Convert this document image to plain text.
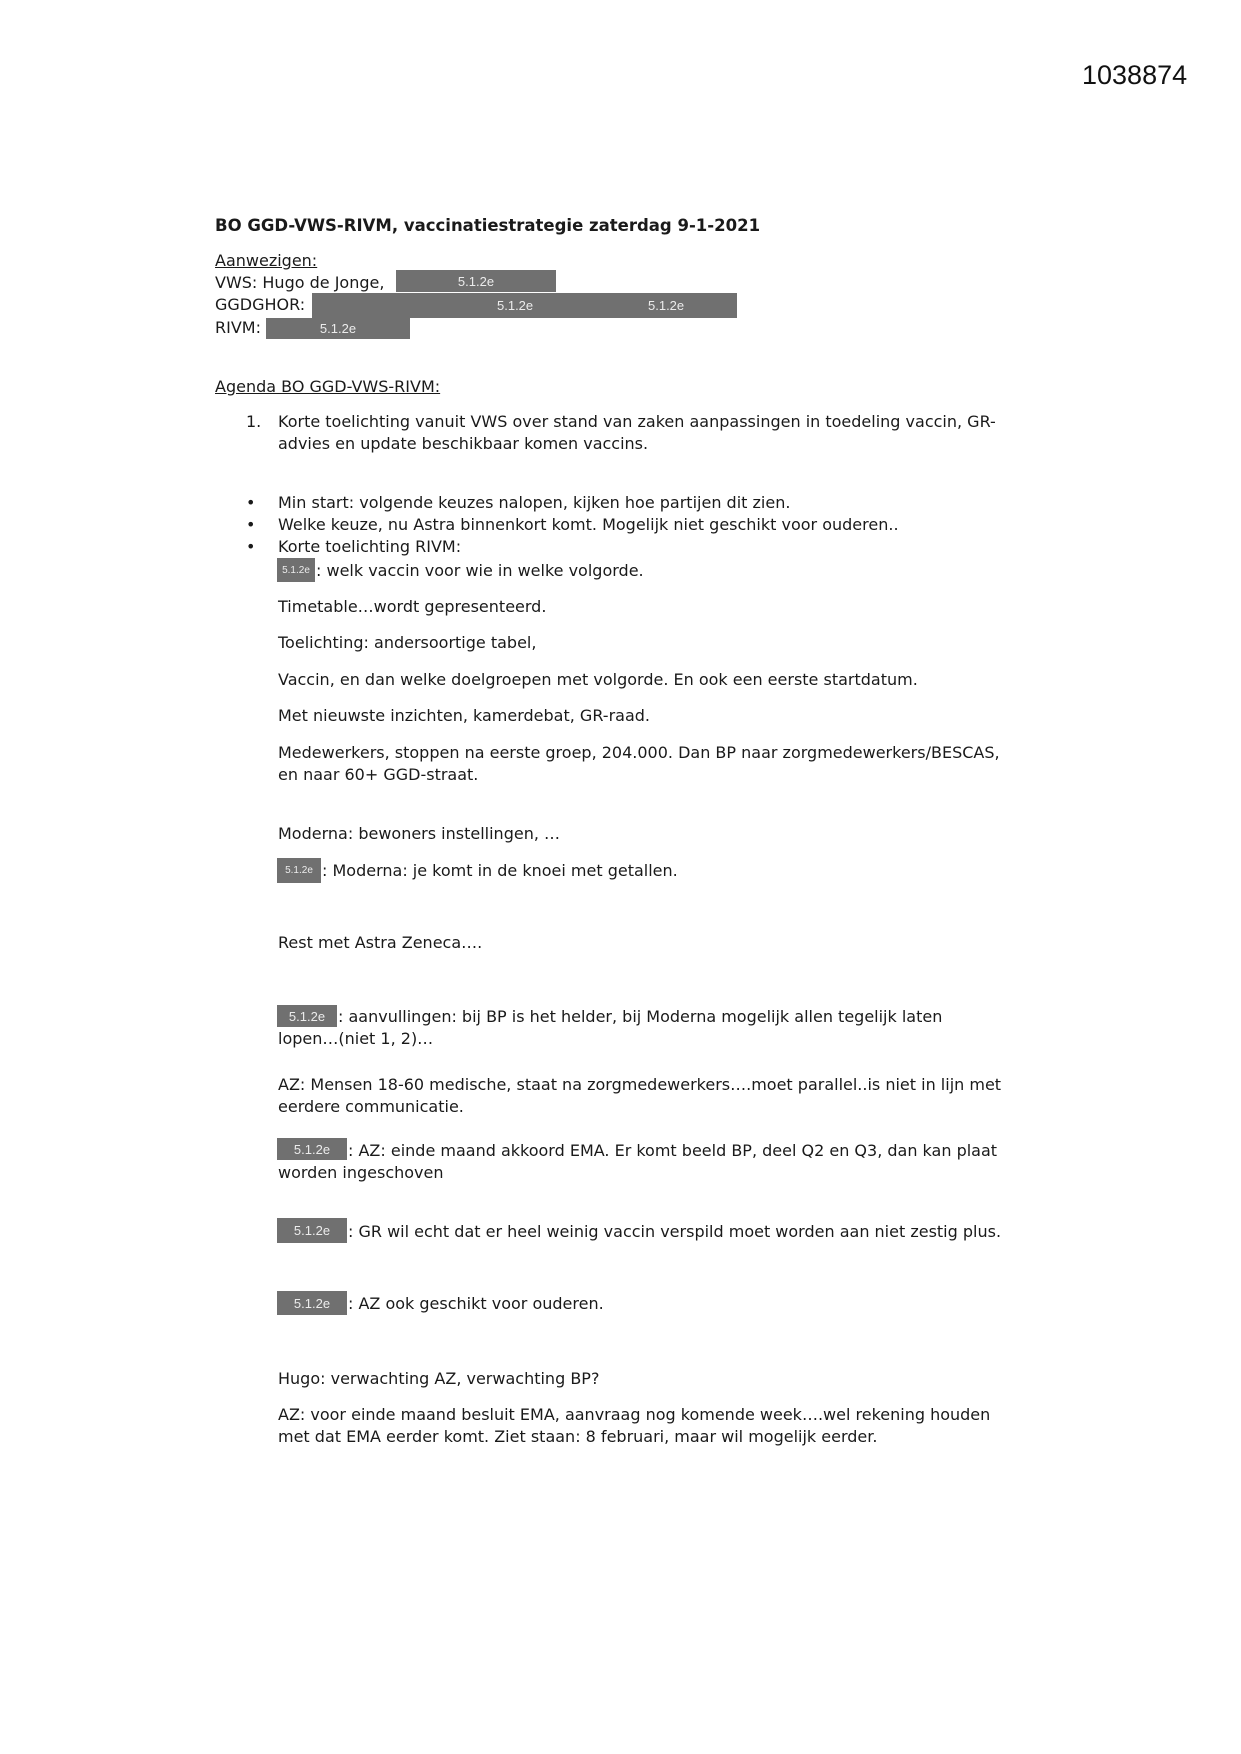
1038874
BO GGD-VWS-RIVM, vaccinatiestrategie zaterdag 9-1-2021
Aanwezigen:
VWS: Hugo de Jonge,	5.1.2e
GGDGHOR:	5.1.2e	5.1.2e
RIVM:	5.1.2e
Agenda BO GGD-VWS-RIVM:
1. Korte toelichting vanuit VWS over stand van zaken aanpassingen in toedeling vaccin, GR-
advies en update beschikbaar komen vaccins.
• Min start: volgende keuzes nalopen, kijken hoe partijen dit zien.
• Welke keuze, nu Astra binnenkort komt. Mogelijk niet geschikt voor ouderen..
• Korte toelichting RIVM:
5.1.2e : welk vaccin voor wie in welke volgorde.
Timetable…wordt gepresenteerd.
Toelichting: andersoortige tabel,
Vaccin, en dan welke doelgroepen met volgorde. En ook een eerste startdatum.
Met nieuwste inzichten, kamerdebat, GR-raad.
Medewerkers, stoppen na eerste groep, 204.000. Dan BP naar zorgmedewerkers/BESCAS,
en naar 60+ GGD-straat.
Moderna: bewoners instellingen, …
5.1.2e : Moderna: je komt in de knoei met getallen.
Rest met Astra Zeneca….
5.1.2e : aanvullingen: bij BP is het helder, bij Moderna mogelijk allen tegelijk laten
lopen…(niet 1, 2)…
AZ: Mensen 18-60 medische, staat na zorgmedewerkers….moet parallel..is niet in lijn met
eerdere communicatie.
5.1.2e	: AZ: einde maand akkoord EMA. Er komt beeld BP, deel Q2 en Q3, dan kan plaat
worden ingeschoven
5.1.2e	: GR wil echt dat er heel weinig vaccin verspild moet worden aan niet zestig plus.
5.1.2e	: AZ ook geschikt voor ouderen.
Hugo: verwachting AZ, verwachting BP?
AZ: voor einde maand besluit EMA, aanvraag nog komende week….wel rekening houden
met dat EMA eerder komt. Ziet staan: 8 februari, maar wil mogelijk eerder.
